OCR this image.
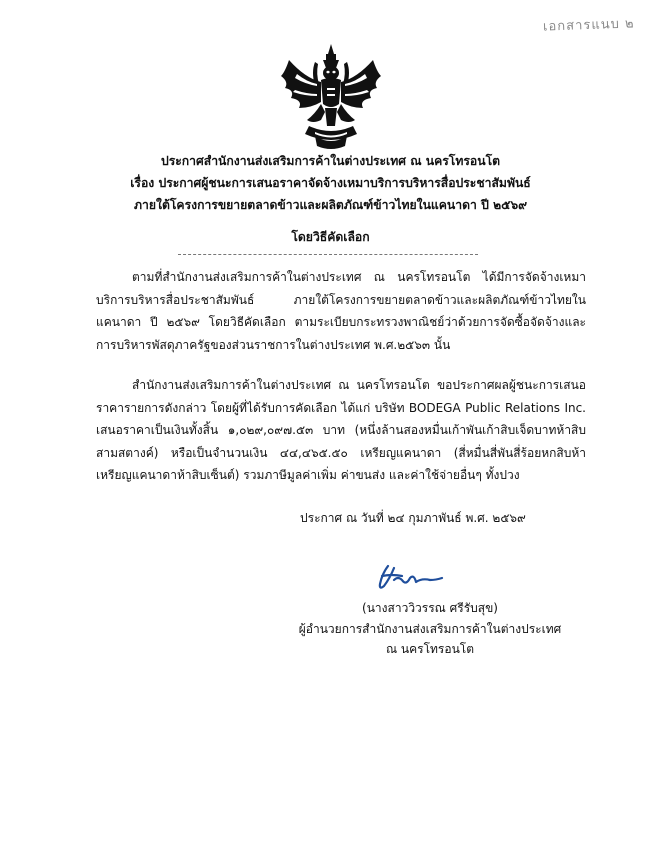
เอกสารแนบ ๒
ประกาศสำนักงานส่งเสริมการค้าในต่างประเทศ ณ นครโทรอนโต
เรื่อง ประกาศผู้ชนะการเสนอราคาจัดจ้างเหมาบริการบริหารสื่อประชาสัมพันธ์
ภายใต้โครงการขยายตลาดข้าวและผลิตภัณฑ์ข้าวไทยในแคนาดา ปี ๒๕๖๙
โดยวิธีคัดเลือก
ตามที่สำนักงานส่งเสริมการค้าในต่างประเทศ ณ นครโทรอนโต ได้มีการจัดจ้างเหมาบริการบริหารสื่อประชาสัมพันธ์ ภายใต้โครงการขยายตลาดข้าวและผลิตภัณฑ์ข้าวไทยในแคนาดา ปี ๒๕๖๙ โดยวิธีคัดเลือก ตามระเบียบกระทรวงพาณิชย์ว่าด้วยการจัดซื้อจัดจ้างและการบริหารพัสดุภาครัฐของส่วนราชการในต่างประเทศ พ.ศ.๒๕๖๓ นั้น
สำนักงานส่งเสริมการค้าในต่างประเทศ ณ นครโทรอนโต ขอประกาศผลผู้ชนะการเสนอราคารายการดังกล่าว โดยผู้ที่ได้รับการคัดเลือก ได้แก่ บริษัท BODEGA Public Relations Inc. เสนอราคาเป็นเงินทั้งสิ้น ๑,๐๒๙,๐๙๗.๕๓ บาท (หนึ่งล้านสองหมื่นเก้าพันเก้าสิบเจ็ดบาทห้าสิบสามสตางค์) หรือเป็นจำนวนเงิน ๔๔,๔๖๕.๕๐ เหรียญแคนาดา (สี่หมื่นสี่พันสี่ร้อยหกสิบห้าเหรียญแคนาดาห้าสิบเซ็นต์) รวมภาษีมูลค่าเพิ่ม ค่าขนส่ง และค่าใช้จ่ายอื่นๆ ทั้งปวง
ประกาศ ณ วันที่ ๒๔ กุมภาพันธ์ พ.ศ. ๒๕๖๙
(นางสาววิวรรณ ศรีรับสุข)
ผู้อำนวยการสำนักงานส่งเสริมการค้าในต่างประเทศ
ณ นครโทรอนโต
